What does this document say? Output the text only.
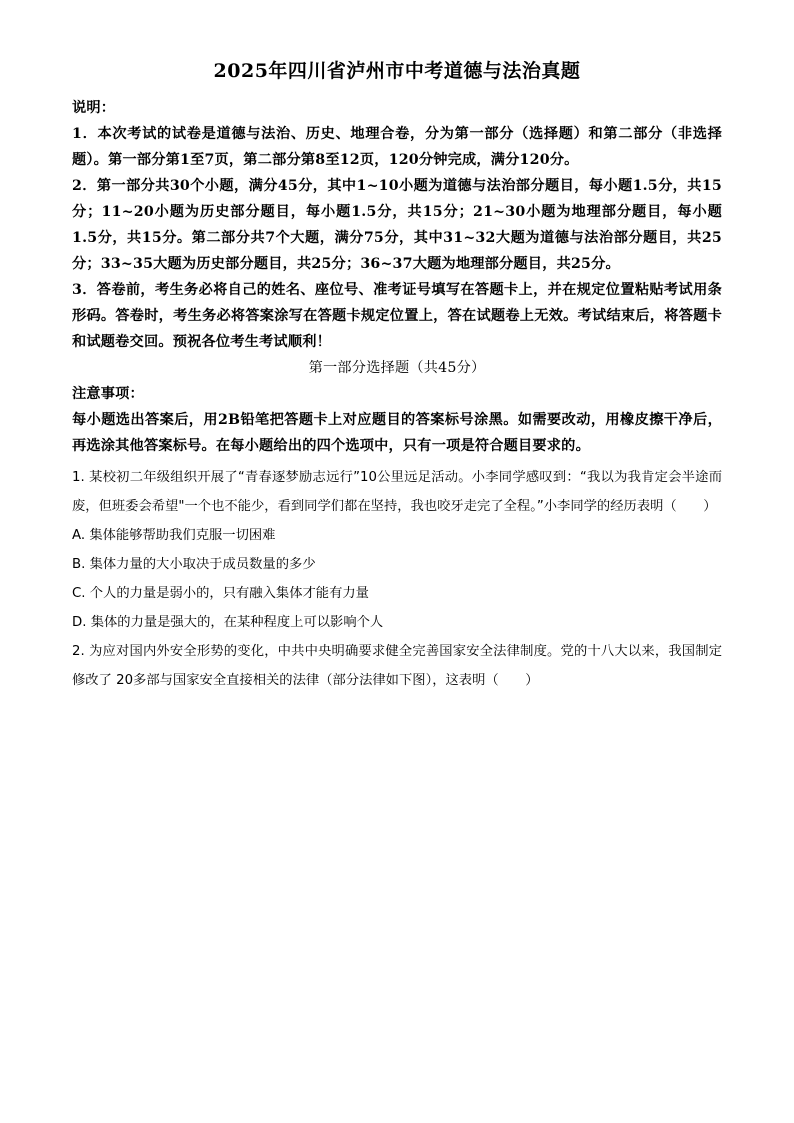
2025年四川省泸州市中考道德与法治真题

说明：

1．本次考试的试卷是道德与法治、历史、地理合卷，分为第一部分（选择题）和第二部分（非选择题）。第一部分第1至7页，第二部分第8至12页，120分钟完成，满分120分。

2．第一部分共30个小题，满分45分，其中1~10小题为道德与法治部分题目，每小题1.5分，共15分；11~20小题为历史部分题目，每小题1.5分，共15分；21~30小题为地理部分题目，每小题1.5分，共15分。第二部分共7个大题，满分75分，其中31~32大题为道德与法治部分题目，共25分；33~35大题为历史部分题目，共25分；36~37大题为地理部分题目，共25分。

3．答卷前，考生务必将自己的姓名、座位号、准考证号填写在答题卡上，并在规定位置粘贴考试用条形码。答卷时，考生务必将答案涂写在答题卡规定位置上，答在试题卷上无效。考试结束后，将答题卡和试题卷交回。预祝各位考生考试顺利！

第一部分选择题（共45分）

注意事项：

每小题选出答案后，用2B铅笔把答题卡上对应题目的答案标号涂黑。如需要改动，用橡皮擦干净后，再选涂其他答案标号。在每小题给出的四个选项中，只有一项是符合题目要求的。

1. 某校初二年级组织开展了“青春逐梦励志远行”10公里远足活动。小李同学感叹到：“我以为我肯定会半途而废，但班委会希望"一个也不能少，看到同学们都在坚持，我也咬牙走完了全程。”小李同学的经历表明（　　）

A. 集体能够帮助我们克服一切困难

B. 集体力量的大小取决于成员数量的多少

C. 个人的力量是弱小的，只有融入集体才能有力量

D. 集体的力量是强大的，在某种程度上可以影响个人

2. 为应对国内外安全形势的变化，中共中央明确要求健全完善国家安全法律制度。党的十八大以来，我国制定修改了 20多部与国家安全直接相关的法律（部分法律如下图），这表明（　　）
